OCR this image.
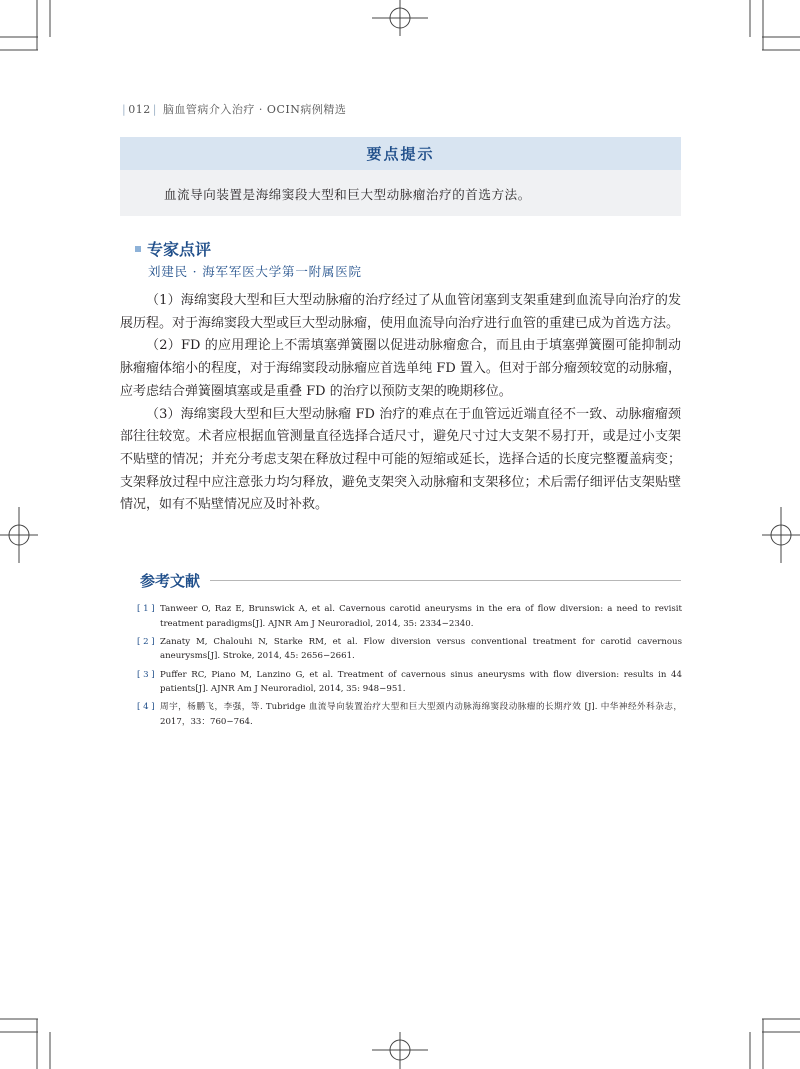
| 012 | 脑血管病介入治疗 · OCIN病例精选
要点提示
血流导向装置是海绵窦段大型和巨大型动脉瘤治疗的首选方法。
专家点评
刘建民 · 海军军医大学第一附属医院

（1）海绵窦段大型和巨大型动脉瘤的治疗经过了从血管闭塞到支架重建到血流导向治疗的发展历程。对于海绵窦段大型或巨大型动脉瘤，使用血流导向治疗进行血管的重建已成为首选方法。

（2）FD 的应用理论上不需填塞弹簧圈以促进动脉瘤愈合，而且由于填塞弹簧圈可能抑制动脉瘤瘤体缩小的程度，对于海绵窦段动脉瘤应首选单纯 FD 置入。但对于部分瘤颈较宽的动脉瘤，应考虑结合弹簧圈填塞或是重叠 FD 的治疗以预防支架的晚期移位。

（3）海绵窦段大型和巨大型动脉瘤 FD 治疗的难点在于血管远近端直径不一致、动脉瘤瘤颈部往往较宽。术者应根据血管测量直径选择合适尺寸，避免尺寸过大支架不易打开，或是过小支架不贴壁的情况；并充分考虑支架在释放过程中可能的短缩或延长，选择合适的长度完整覆盖病变；支架释放过程中应注意张力均匀释放，避免支架突入动脉瘤和支架移位；术后需仔细评估支架贴壁情况，如有不贴壁情况应及时补救。

参考文献
[ 1 ] Tanweer O, Raz E, Brunswick A, et al. Cavernous carotid aneurysms in the era of flow diversion: a need to revisit treatment paradigms[J]. AJNR Am J Neuroradiol, 2014, 35: 2334−2340.
[ 2 ] Zanaty M, Chalouhi N, Starke RM, et al. Flow diversion versus conventional treatment for carotid cavernous aneurysms[J]. Stroke, 2014, 45: 2656−2661.
[ 3 ] Puffer RC, Piano M, Lanzino G, et al. Treatment of cavernous sinus aneurysms with flow diversion: results in 44 patients[J]. AJNR Am J Neuroradiol, 2014, 35: 948−951.
[ 4 ] 周宇，杨鹏飞，李强，等. Tubridge 血流导向装置治疗大型和巨大型颈内动脉海绵窦段动脉瘤的长期疗效 [J]. 中华神经外科杂志，2017，33：760−764.
